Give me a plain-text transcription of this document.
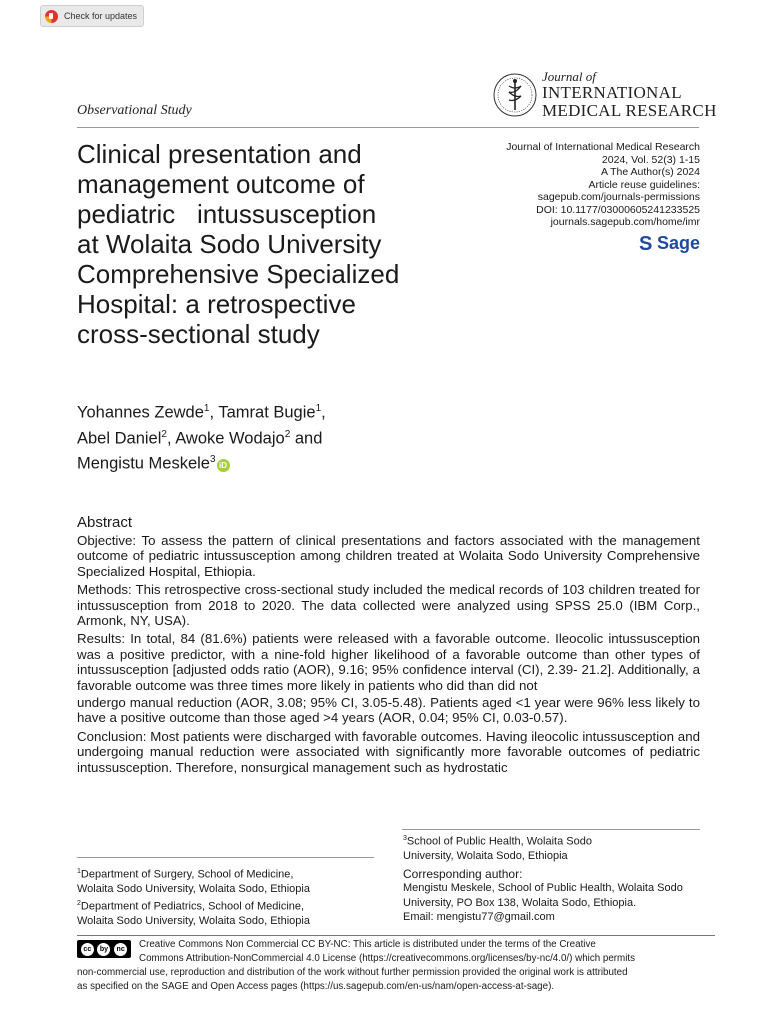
Check for updates
Journal of
INTERNATIONAL
MEDICAL RESEARCH
Observational Study
Clinical presentation and
management outcome of
pediatric   intussusception
at Wolaita Sodo University
Comprehensive Specialized
Hospital: a retrospective
cross-sectional study
Journal of International Medical Research
2024, Vol. 52(3) 1-15
A The Author(s) 2024
Article reuse guidelines:
sagepub.com/journals-permissions
DOI: 10.1177/03000605241233525
journals.sagepub.com/home/imr
S Sage
Yohannes Zewde$^1$, Tamrat Bugie$^1$,
Abel Daniel$^2$, Awoke Wodajo$^2$ and
Mengistu Meskele$^3$ iD
Abstract

Objective: To assess the pattern of clinical presentations and factors associated with the management outcome of pediatric intussusception among children treated at Wolaita Sodo University Comprehensive Specialized Hospital, Ethiopia.

Methods: This retrospective cross-sectional study included the medical records of 103 children treated for intussusception from 2018 to 2020. The data collected were analyzed using SPSS 25.0 (IBM Corp., Armonk, NY, USA).

Results: In total, 84 (81.6%) patients were released with a favorable outcome. Ileocolic intussusception was a positive predictor, with a nine-fold higher likelihood of a favorable outcome than other types of intussusception [adjusted odds ratio (AOR), 9.16; 95% confidence interval (CI), 2.39- 21.2]. Additionally, a favorable outcome was three times more likely in patients who did than did not

undergo manual reduction (AOR, 3.08; 95% CI, 3.05-5.48). Patients aged <1 year were 96% less likely to have a positive outcome than those aged >4 years (AOR, 0.04; 95% CI, 0.03-0.57).

Conclusion: Most patients were discharged with favorable outcomes. Having ileocolic intussusception and undergoing manual reduction were associated with significantly more favorable outcomes of pediatric intussusception. Therefore, nonsurgical management such as hydrostatic

$^1$Department of Surgery, School of Medicine,
Wolaita Sodo University, Wolaita Sodo, Ethiopia
$^2$Department of Pediatrics, School of Medicine,
Wolaita Sodo University, Wolaita Sodo, Ethiopia
$^3$School of Public Health, Wolaita Sodo
University, Wolaita Sodo, Ethiopia
Corresponding author:
Mengistu Meskele, School of Public Health, Wolaita Sodo
University, PO Box 138, Wolaita Sodo, Ethiopia.
Email: mengistu77@gmail.com
Creative Commons Non Commercial CC BY-NC: This article is distributed under the terms of the Creative
Commons Attribution-NonCommercial 4.0 License (https://creativecommons.org/licenses/by-nc/4.0/) which permits
non-commercial use, reproduction and distribution of the work without further permission provided the original work is attributed
as specified on the SAGE and Open Access pages (https://us.sagepub.com/en-us/nam/open-access-at-sage).
cc	by	nc
